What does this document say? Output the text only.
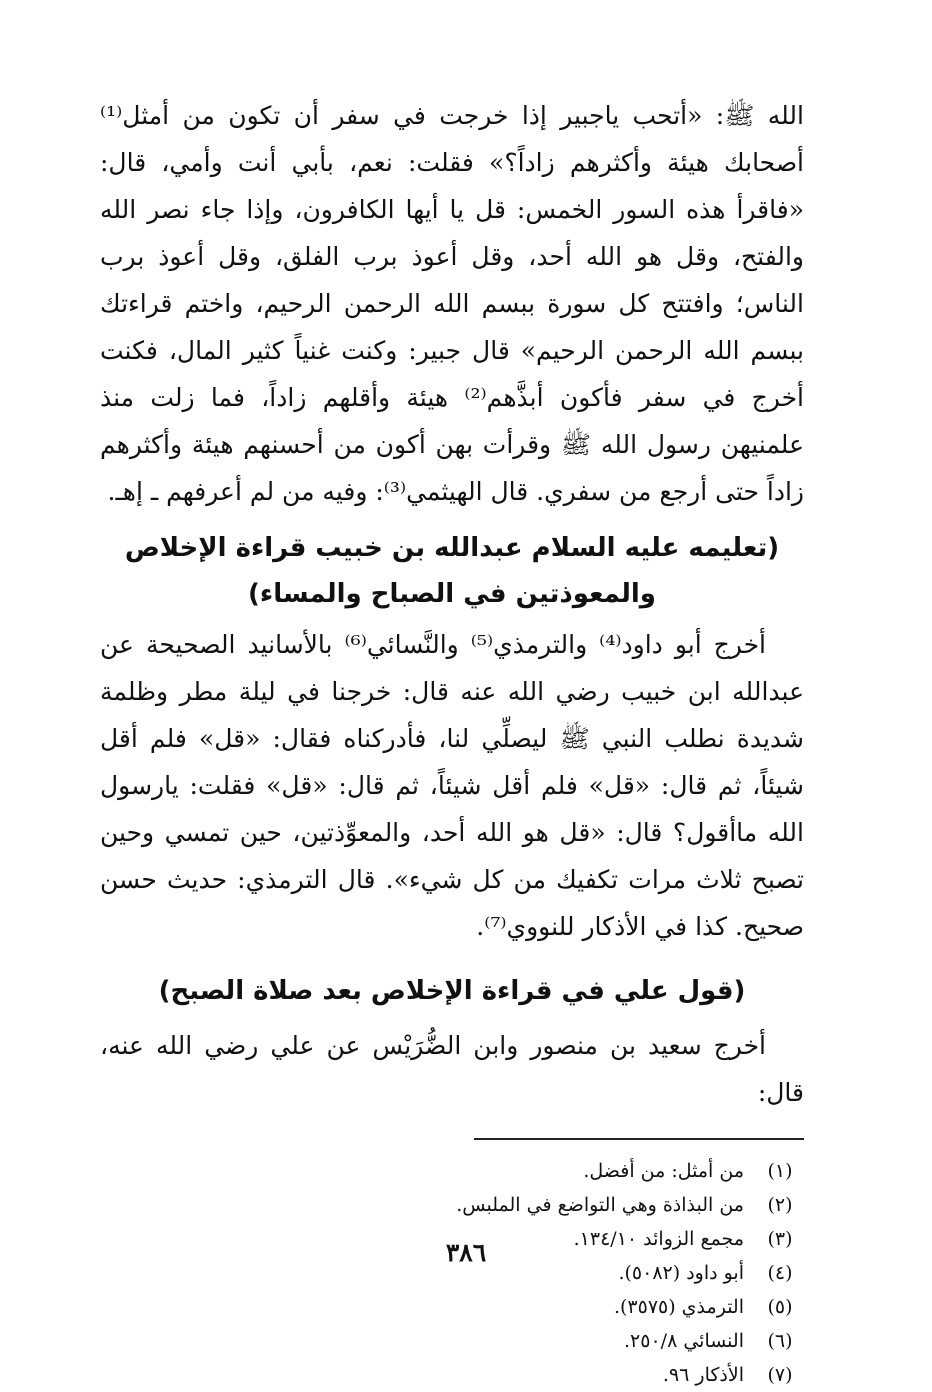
الله ﷺ: «أتحب ياجبير إذا خرجت في سفر أن تكون من أمثل⁽¹⁾ أصحابك هيئة وأكثرهم زاداً؟» فقلت: نعم، بأبي أنت وأمي، قال: «فاقرأ هذه السور الخمس: قل يا أيها الكافرون، وإذا جاء نصر الله والفتح، وقل هو الله أحد، وقل أعوذ برب الفلق، وقل أعوذ برب الناس؛ وافتتح كل سورة ببسم الله الرحمن الرحيم، واختم قراءتك ببسم الله الرحمن الرحيم» قال جبير: وكنت غنياً كثير المال، فكنت أخرج في سفر فأكون أبذَّهم⁽²⁾ هيئة وأقلهم زاداً، فما زلت منذ علمنيهن رسول الله ﷺ وقرأت بهن أكون من أحسنهم هيئة وأكثرهم زاداً حتى أرجع من سفري. قال الهيثمي⁽³⁾: وفيه من لم أعرفهم ـ إهـ.

(تعليمه عليه السلام عبدالله بن خبيب قراءة الإخلاص والمعوذتين في الصباح والمساء)

أخرج أبو داود⁽⁴⁾ والترمذي⁽⁵⁾ والنَّسائي⁽⁶⁾ بالأسانيد الصحيحة عن عبدالله ابن خبيب رضي الله عنه قال: خرجنا في ليلة مطر وظلمة شديدة نطلب النبي ﷺ ليصلِّي لنا، فأدركناه فقال: «قل» فلم أقل شيئاً، ثم قال: «قل» فلم أقل شيئاً، ثم قال: «قل» فقلت: يارسول الله ماأقول؟ قال: «قل هو الله أحد، والمعوِّذتين، حين تمسي وحين تصبح ثلاث مرات تكفيك من كل شيء». قال الترمذي: حديث حسن صحيح. كذا في الأذكار للنووي⁽⁷⁾.

(قول علي في قراءة الإخلاص بعد صلاة الصبح)

أخرج سعيد بن منصور وابن الضُّرَيْس عن علي رضي الله عنه، قال:

(١)
من أمثل: من أفضل.
(٢)
من البذاذة وهي التواضع في الملبس.
(٣)
مجمع الزوائد ١٣٤/١٠.
(٤)
أبو داود (٥٠٨٢).
(٥)
الترمذي (٣٥٧٥).
(٦)
النسائي ٢٥٠/٨.
(٧)
الأذكار ٩٦.
٣٨٦
